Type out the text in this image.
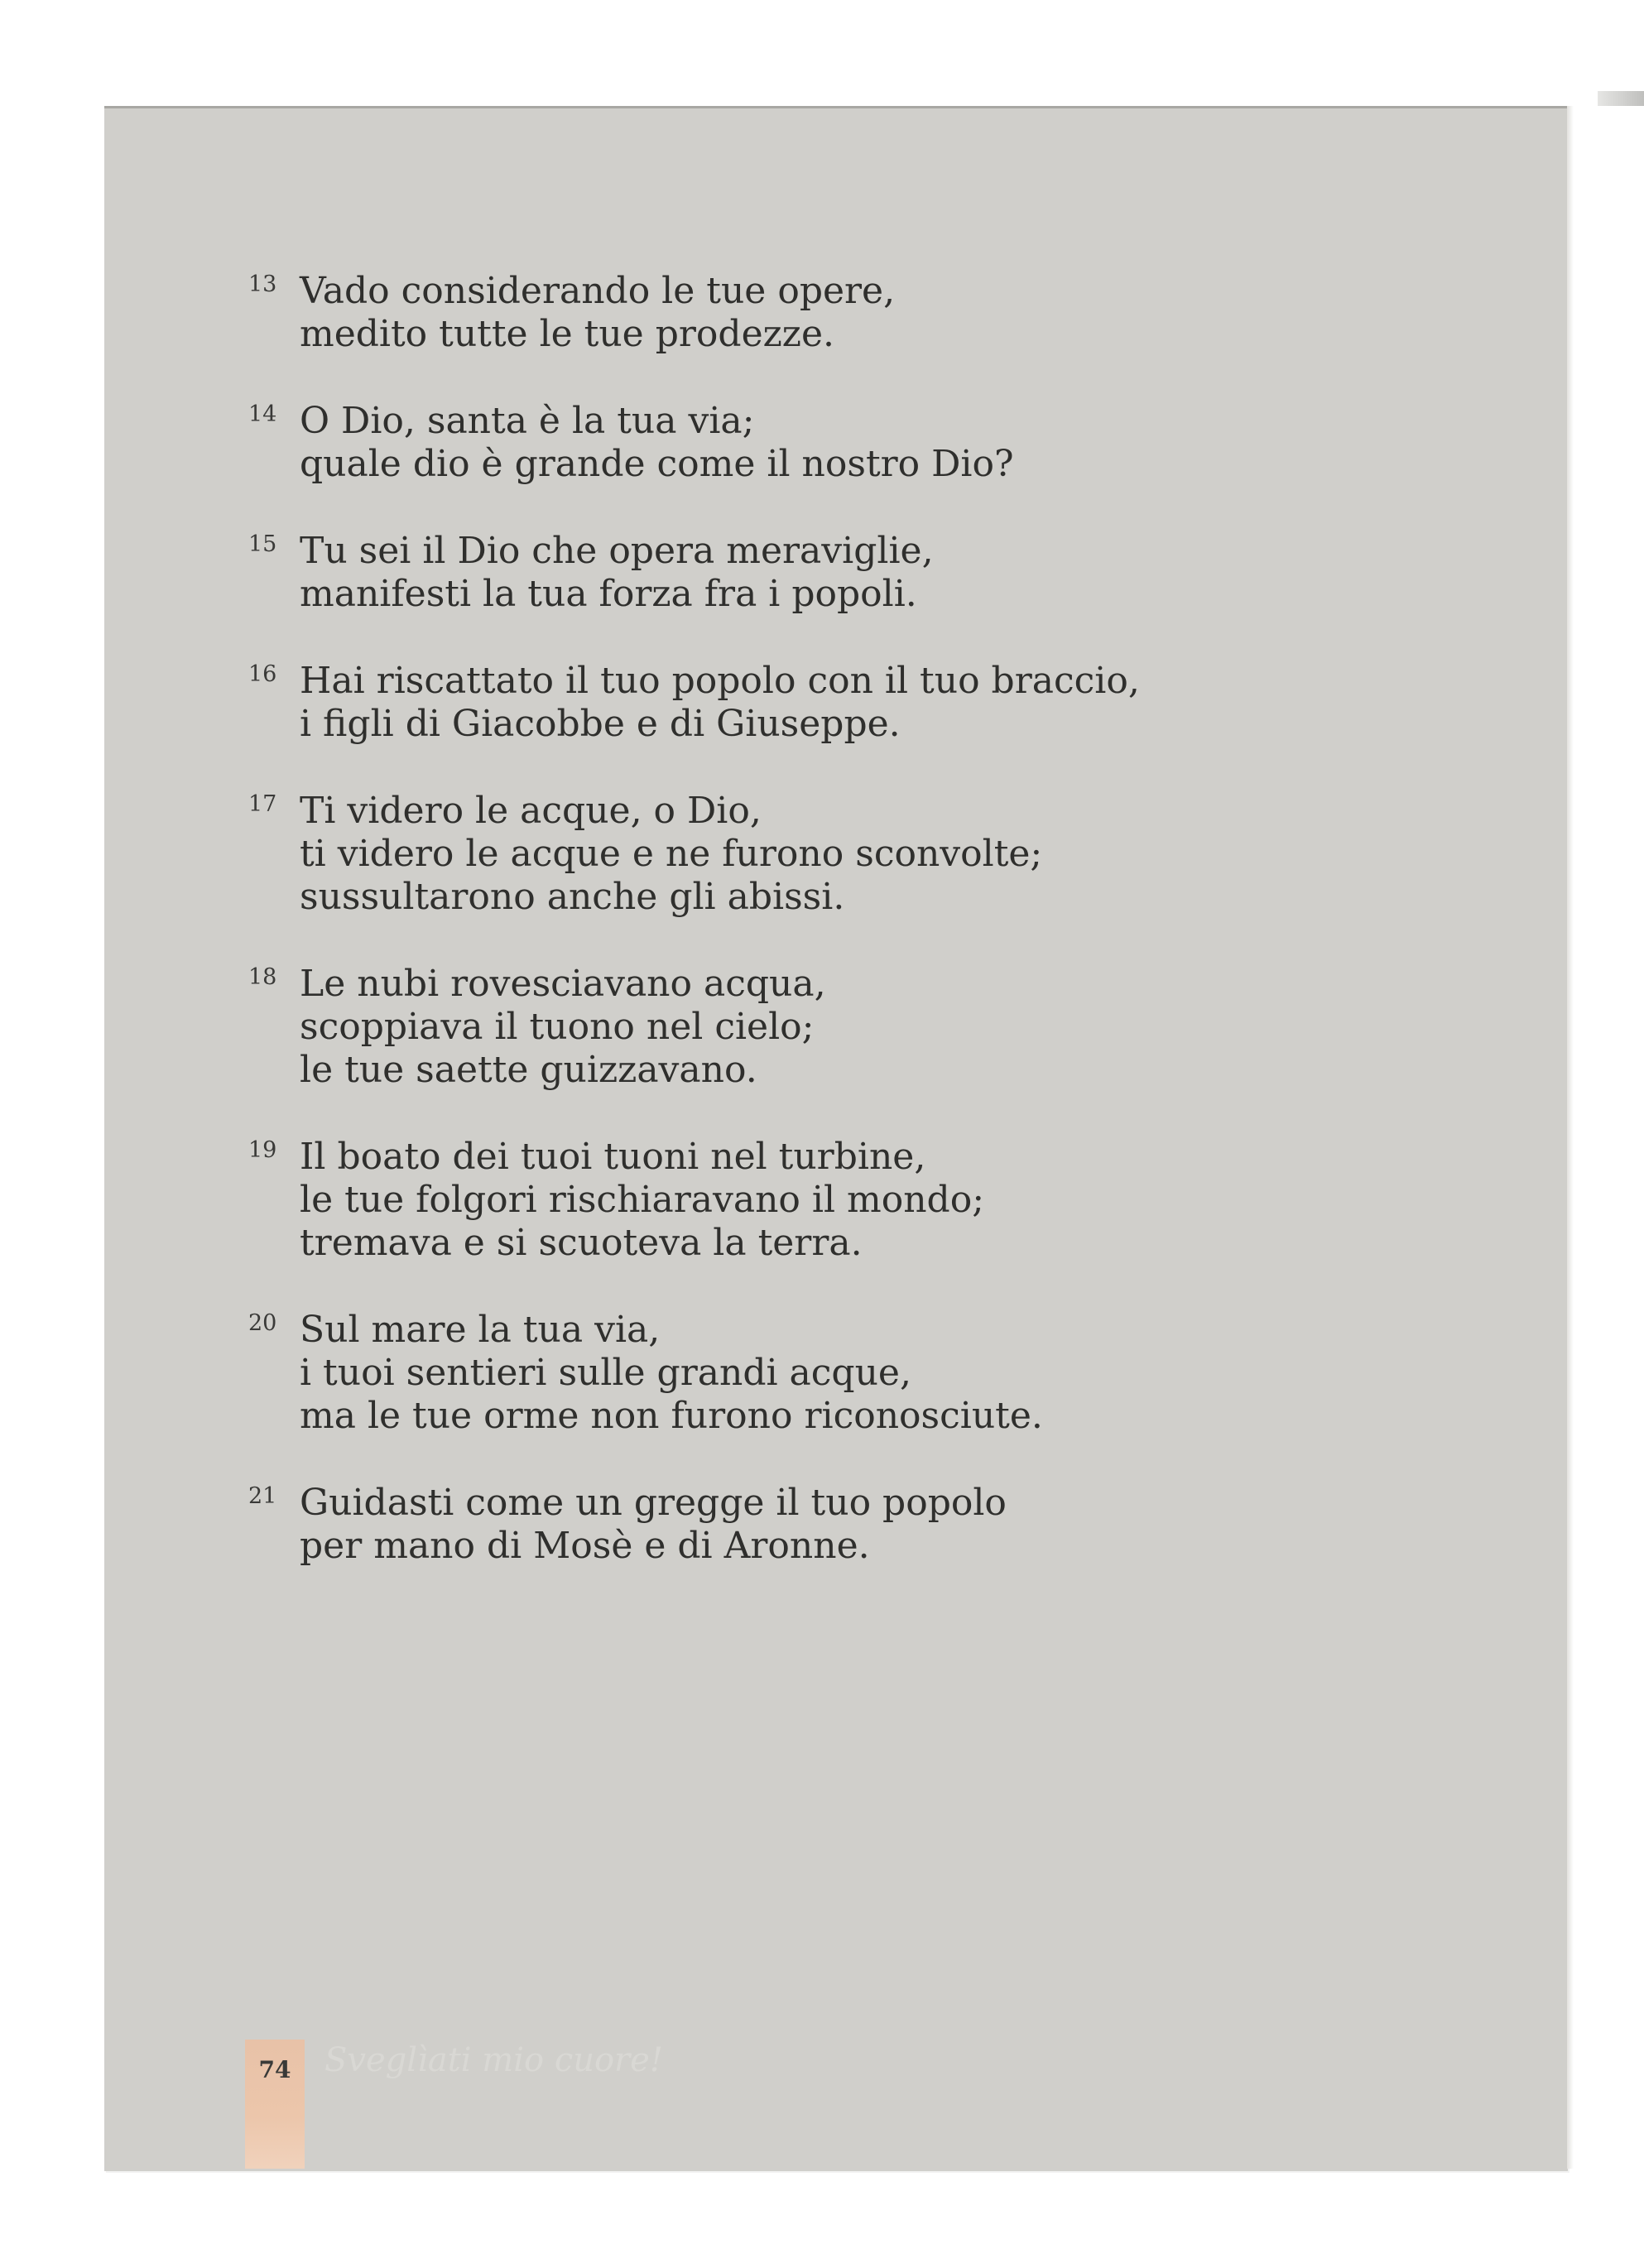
13 Vado considerando le tue opere,
medito tutte le tue prodezze.
14 O Dio, santa è la tua via;
quale dio è grande come il nostro Dio?
15 Tu sei il Dio che opera meraviglie,
manifesti la tua forza fra i popoli.
16 Hai riscattato il tuo popolo con il tuo braccio,
i figli di Giacobbe e di Giuseppe.
17 Ti videro le acque, o Dio,
ti videro le acque e ne furono sconvolte;
sussultarono anche gli abissi.
18 Le nubi rovesciavano acqua,
scoppiava il tuono nel cielo;
le tue saette guizzavano.
19 Il boato dei tuoi tuoni nel turbine,
le tue folgori rischiaravano il mondo;
tremava e si scuoteva la terra.
20 Sul mare la tua via,
i tuoi sentieri sulle grandi acque,
ma le tue orme non furono riconosciute.
21 Guidasti come un gregge il tuo popolo
per mano di Mosè e di Aronne.
74	Sveglìati mio cuore!
